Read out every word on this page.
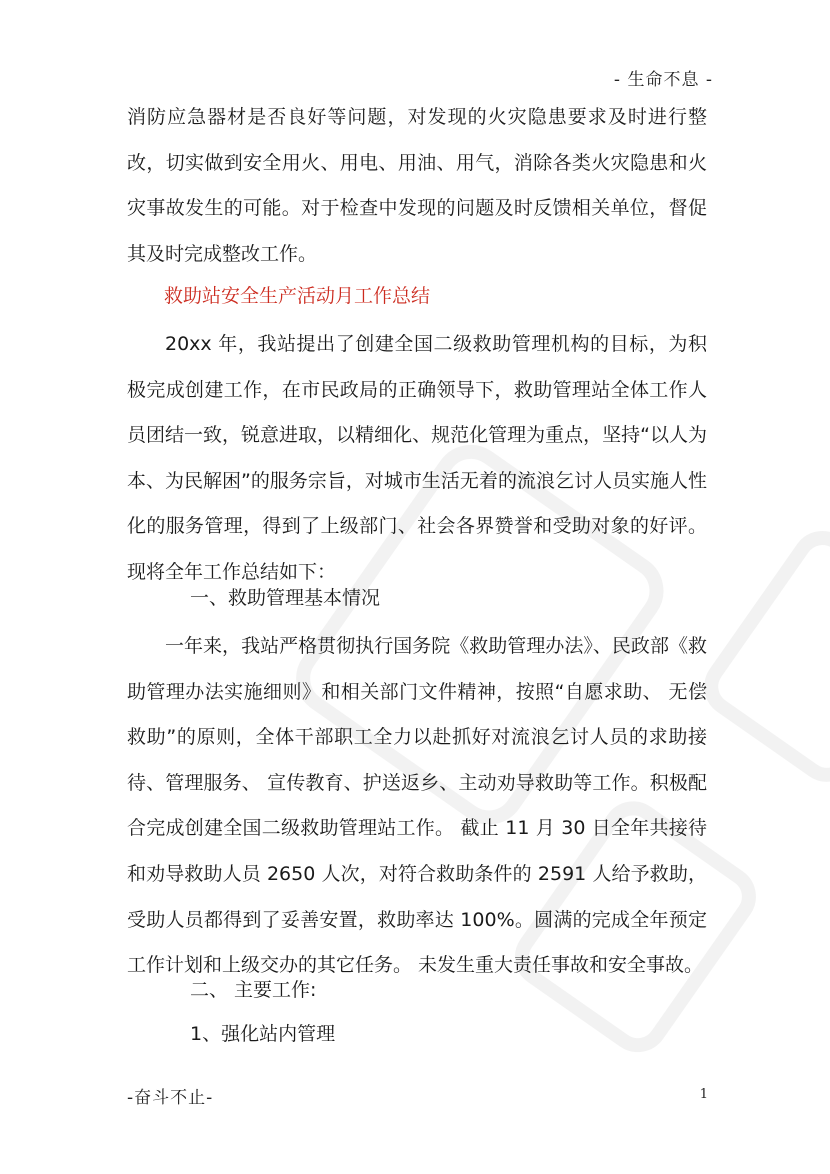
- 生命不息 -

消防应急器材是否良好等问题，对发现的火灾隐患要求及时进行整改，切实做到安全用火、用电、用油、用气，消除各类火灾隐患和火灾事故发生的可能。对于检查中发现的问题及时反馈相关单位，督促其及时完成整改工作。

救助站安全生产活动月工作总结

20xx 年，我站提出了创建全国二级救助管理机构的目标，为积极完成创建工作，在市民政局的正确领导下，救助管理站全体工作人员团结一致，锐意进取，以精细化、规范化管理为重点，坚持“以人为本、为民解困”的服务宗旨，对城市生活无着的流浪乞讨人员实施人性化的服务管理，得到了上级部门、社会各界赞誉和受助对象的好评。现将全年工作总结如下：

一、救助管理基本情况

一年来，我站严格贯彻执行国务院《救助管理办法》、民政部《救助管理办法实施细则》和相关部门文件精神，按照“自愿求助、 无偿救助”的原则，全体干部职工全力以赴抓好对流浪乞讨人员的求助接待、管理服务、 宣传教育、护送返乡、主动劝导救助等工作。积极配合完成创建全国二级救助管理站工作。 截止 11 月 30 日全年共接待和劝导救助人员 2650 人次，对符合救助条件的 2591 人给予救助，受助人员都得到了妥善安置，救助率达 100%。圆满的完成全年预定工作计划和上级交办的其它任务。 未发生重大责任事故和安全事故。

二、 主要工作:

1、强化站内管理

-奋斗不止-	1
